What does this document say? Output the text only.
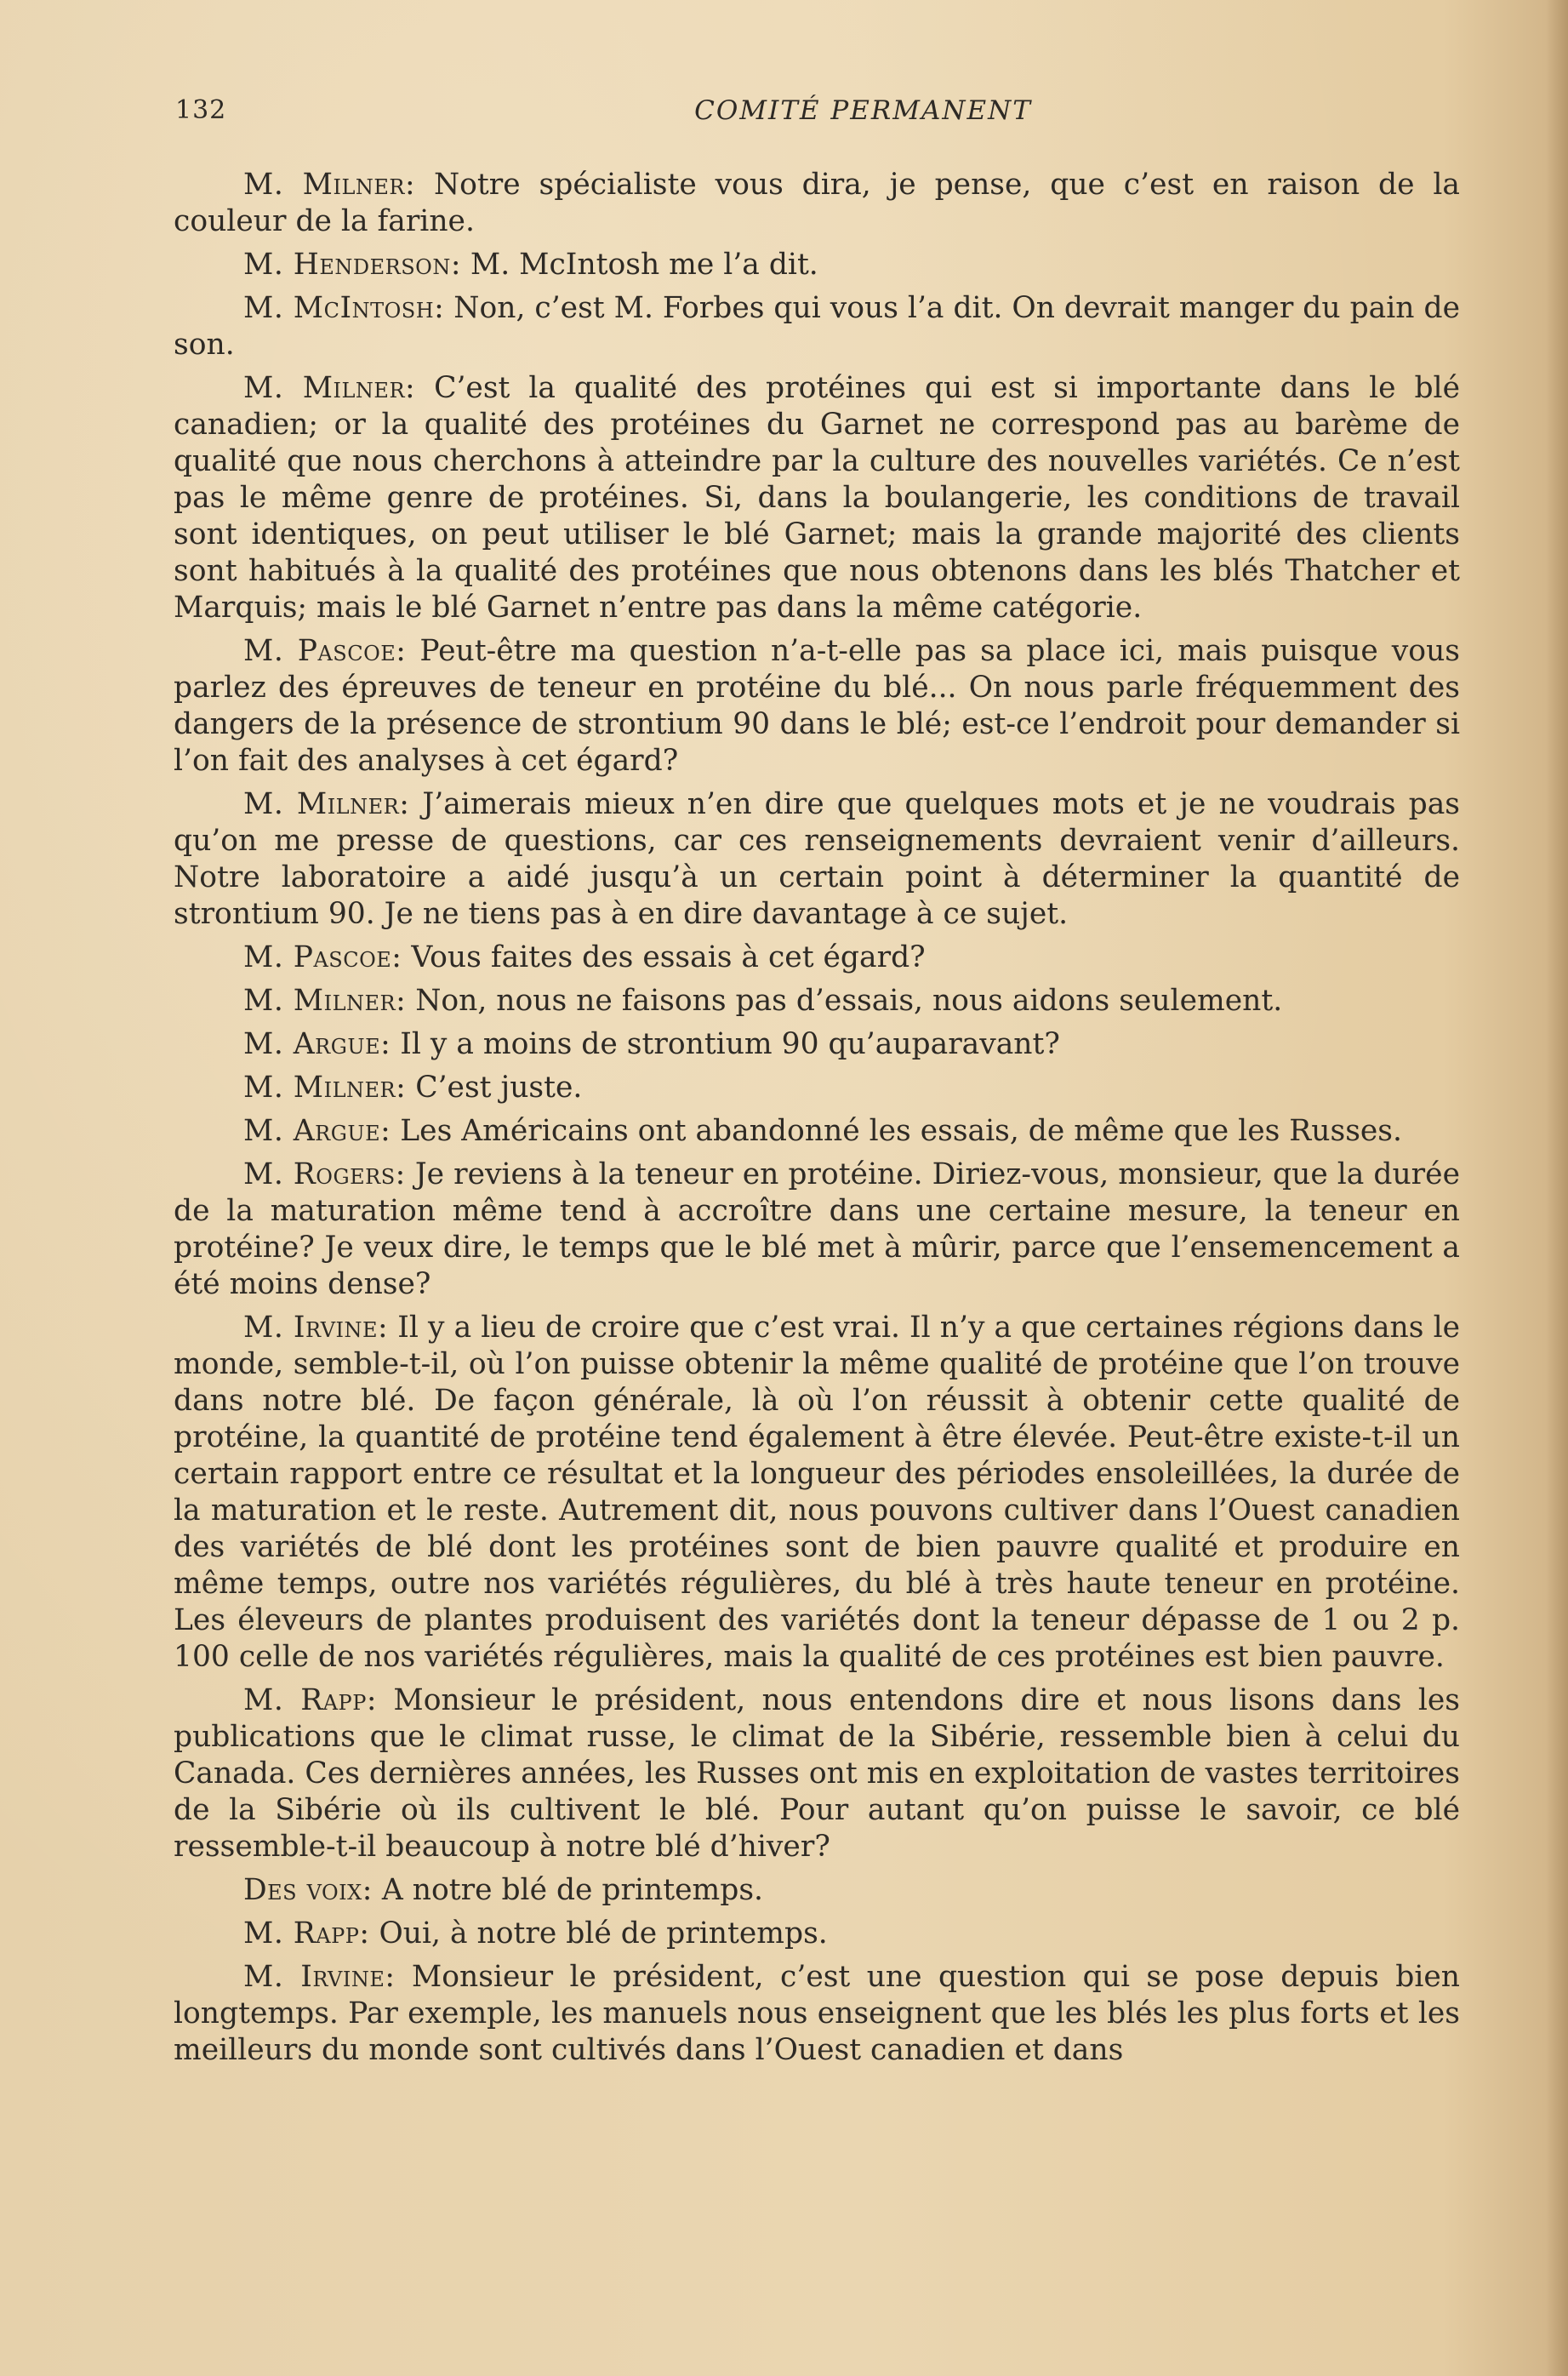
132	COMITÉ PERMANENT

M. Milner: Notre spécialiste vous dira, je pense, que c’est en raison de la couleur de la farine.

M. Henderson: M. McIntosh me l’a dit.

M. McIntosh: Non, c’est M. Forbes qui vous l’a dit. On devrait manger du pain de son.

M. Milner: C’est la qualité des protéines qui est si importante dans le blé canadien; or la qualité des protéines du Garnet ne correspond pas au barème de qualité que nous cherchons à atteindre par la culture des nouvelles variétés. Ce n’est pas le même genre de protéines. Si, dans la boulangerie, les conditions de travail sont identiques, on peut utiliser le blé Garnet; mais la grande majorité des clients sont habitués à la qualité des protéines que nous obtenons dans les blés Thatcher et Marquis; mais le blé Garnet n’entre pas dans la même catégorie.

M. Pascoe: Peut-être ma question n’a-t-elle pas sa place ici, mais puisque vous parlez des épreuves de teneur en protéine du blé... On nous parle fréquemment des dangers de la présence de strontium 90 dans le blé; est-ce l’endroit pour demander si l’on fait des analyses à cet égard?

M. Milner: J’aimerais mieux n’en dire que quelques mots et je ne voudrais pas qu’on me presse de questions, car ces renseignements devraient venir d’ailleurs. Notre laboratoire a aidé jusqu’à un certain point à déterminer la quantité de strontium 90. Je ne tiens pas à en dire davantage à ce sujet.

M. Pascoe: Vous faites des essais à cet égard?

M. Milner: Non, nous ne faisons pas d’essais, nous aidons seulement.

M. Argue: Il y a moins de strontium 90 qu’auparavant?

M. Milner: C’est juste.

M. Argue: Les Américains ont abandonné les essais, de même que les Russes.

M. Rogers: Je reviens à la teneur en protéine. Diriez-vous, monsieur, que la durée de la maturation même tend à accroître dans une certaine mesure, la teneur en protéine? Je veux dire, le temps que le blé met à mûrir, parce que l’ensemencement a été moins dense?

M. Irvine: Il y a lieu de croire que c’est vrai. Il n’y a que certaines régions dans le monde, semble-t-il, où l’on puisse obtenir la même qualité de protéine que l’on trouve dans notre blé. De façon générale, là où l’on réussit à obtenir cette qualité de protéine, la quantité de protéine tend également à être élevée. Peut-être existe-t-il un certain rapport entre ce résultat et la longueur des périodes ensoleillées, la durée de la maturation et le reste. Autrement dit, nous pouvons cultiver dans l’Ouest canadien des variétés de blé dont les protéines sont de bien pauvre qualité et produire en même temps, outre nos variétés régulières, du blé à très haute teneur en protéine. Les éleveurs de plantes produisent des variétés dont la teneur dépasse de 1 ou 2 p. 100 celle de nos variétés régulières, mais la qualité de ces protéines est bien pauvre.

M. Rapp: Monsieur le président, nous entendons dire et nous lisons dans les publications que le climat russe, le climat de la Sibérie, ressemble bien à celui du Canada. Ces dernières années, les Russes ont mis en exploitation de vastes territoires de la Sibérie où ils cultivent le blé. Pour autant qu’on puisse le savoir, ce blé ressemble-t-il beaucoup à notre blé d’hiver?

Des voix: A notre blé de printemps.

M. Rapp: Oui, à notre blé de printemps.

M. Irvine: Monsieur le président, c’est une question qui se pose depuis bien longtemps. Par exemple, les manuels nous enseignent que les blés les plus forts et les meilleurs du monde sont cultivés dans l’Ouest canadien et dans
